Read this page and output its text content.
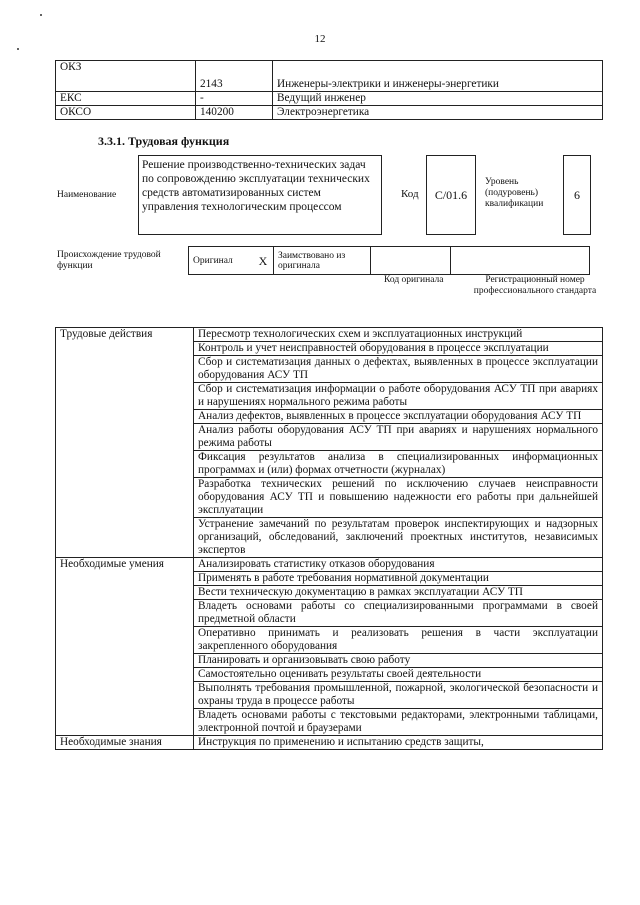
12
ОКЗ	2143	Инженеры-электрики и инженеры-энергетики
ЕКС	-	Ведущий инженер
ОКСО	140200	Электроэнергетика
3.3.1. Трудовая функция
Наименование
Решение производственно-технических задач по сопровождению эксплуатации технических средств автоматизированных систем управления технологическим процессом
Код	С/01.6
Уровень (подуровень) квалификации
6
Происхождение трудовой функции
Оригинал	X	Заимствовано из оригинала		
Код оригинала	Регистрационный номер профессионального стандарта
Трудовые действия	Пересмотр технологических схем и эксплуатационных инструкций
	Контроль и учет неисправностей оборудования в процессе эксплуатации
	Сбор и систематизация данных о дефектах, выявленных в процессе эксплуатации оборудования АСУ ТП
	Сбор и систематизация информации о работе оборудования АСУ ТП при авариях и нарушениях нормального режима работы
	Анализ дефектов, выявленных в процессе эксплуатации оборудования АСУ ТП
	Анализ работы оборудования АСУ ТП при авариях и нарушениях нормального режима работы
	Фиксация результатов анализа в специализированных информационных программах и (или) формах отчетности (журналах)
	Разработка технических решений по исключению случаев неисправности оборудования АСУ ТП и повышению надежности его работы при дальнейшей эксплуатации
	Устранение замечаний по результатам проверок инспектирующих и надзорных организаций, обследований, заключений проектных институтов, независимых экспертов
Необходимые умения	Анализировать статистику отказов оборудования
	Применять в работе требования нормативной документации
	Вести техническую документацию в рамках эксплуатации АСУ ТП
	Владеть основами работы со специализированными программами в своей предметной области
	Оперативно принимать и реализовать решения в части эксплуатации закрепленного оборудования
	Планировать и организовывать свою работу
	Самостоятельно оценивать результаты своей деятельности
	Выполнять требования промышленной, пожарной, экологической безопасности и охраны труда в процессе работы
	Владеть основами работы с текстовыми редакторами, электронными таблицами, электронной почтой и браузерами
Необходимые знания	Инструкция по применению и испытанию средств защиты,
